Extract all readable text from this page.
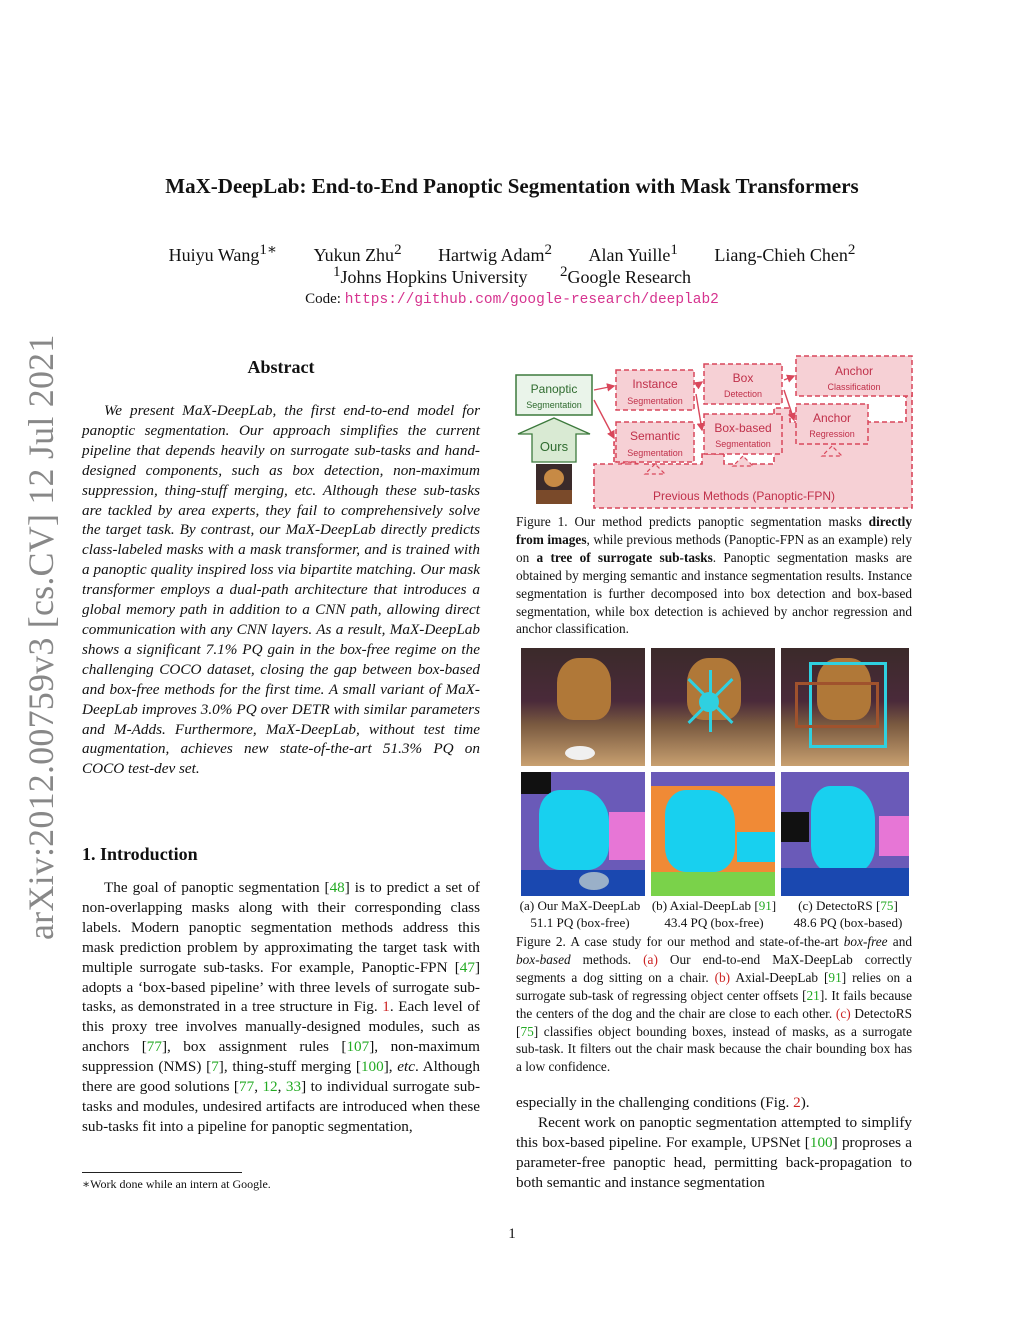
MaX-DeepLab: End-to-End Panoptic Segmentation with Mask Transformers
Huiyu Wang$^{1∗}$ Yukun Zhu$^2$ Hartwig Adam$^2$ Alan Yuille$^1$ Liang-Chieh Chen$^2$
$^1$Johns Hopkins University $^2$Google Research
Code: https://github.com/google-research/deeplab2
arXiv:2012.00759v3 [cs.CV] 12 Jul 2021	Abstract

We present MaX-DeepLab, the first end-to-end model for panoptic segmentation. Our approach simplifies the current pipeline that depends heavily on surrogate sub-tasks and hand-designed components, such as box detection, non-maximum suppression, thing-stuff merging, etc. Although these sub-tasks are tackled by area experts, they fail to comprehensively solve the target task. By contrast, our MaX-DeepLab directly predicts class-labeled masks with a mask transformer, and is trained with a panoptic quality inspired loss via bipartite matching. Our mask transformer employs a dual-path architecture that introduces a global memory path in addition to a CNN path, allowing direct communication with any CNN layers. As a result, MaX-DeepLab shows a significant 7.1% PQ gain in the box-free regime on the challenging COCO dataset, closing the gap between box-based and box-free methods for the first time. A small variant of MaX-DeepLab improves 3.0% PQ over DETR with similar parameters and M-Adds. Furthermore, MaX-DeepLab, without test time augmentation, achieves new state-of-the-art 51.3% PQ on COCO test-dev set.

1. Introduction

The goal of panoptic segmentation [48] is to predict a set of non-overlapping masks along with their corresponding class labels. Modern panoptic segmentation methods address this mask prediction problem by approximating the target task with multiple surrogate sub-tasks. For example, Panoptic-FPN [47] adopts a ‘box-based pipeline’ with three levels of surrogate sub-tasks, as demonstrated in a tree structure in Fig. 1. Each level of this proxy tree involves manually-designed modules, such as anchors [77], box assignment rules [107], non-maximum suppression (NMS) [7], thing-stuff merging [100], etc. Although there are good solutions [77, 12, 33] to individual surrogate sub-tasks and modules, undesired artifacts are introduced when these sub-tasks fit into a pipeline for panoptic segmentation,

∗Work done while an intern at Google.
Previous Methods (Panoptic-FPN)
Panoptic
Segmentation
Ours
Instance
Segmentation
Semantic
Segmentation
Box
Detection
Box-based
Segmentation
Anchor
Classification
Anchor
Regression
Figure 1. Our method predicts panoptic segmentation masks directly from images, while previous methods (Panoptic-FPN as an example) rely on a tree of surrogate sub-tasks. Panoptic segmentation masks are obtained by merging semantic and instance segmentation results. Instance segmentation is further decomposed into box detection and box-based segmentation, while box detection is achieved by anchor regression and anchor classification.
(a) Our MaX-DeepLab
51.1 PQ (box-free)
(b) Axial-DeepLab [91]
43.4 PQ (box-free)
(c) DetectoRS [75]
48.6 PQ (box-based)
Figure 2. A case study for our method and state-of-the-art box-free and box-based methods. (a) Our end-to-end MaX-DeepLab correctly segments a dog sitting on a chair. (b) Axial-DeepLab [91] relies on a surrogate sub-task of regressing object center offsets [21]. It fails because the centers of the dog and the chair are close to each other. (c) DetectoRS [75] classifies object bounding boxes, instead of masks, as a surrogate sub-task. It filters out the chair mask because the chair bounding box has a low confidence.

especially in the challenging conditions (Fig. 2).

Recent work on panoptic segmentation attempted to simplify this box-based pipeline. For example, UPSNet [100] proproses a parameter-free panoptic head, permitting back-propagation to both semantic and instance segmentation

1
